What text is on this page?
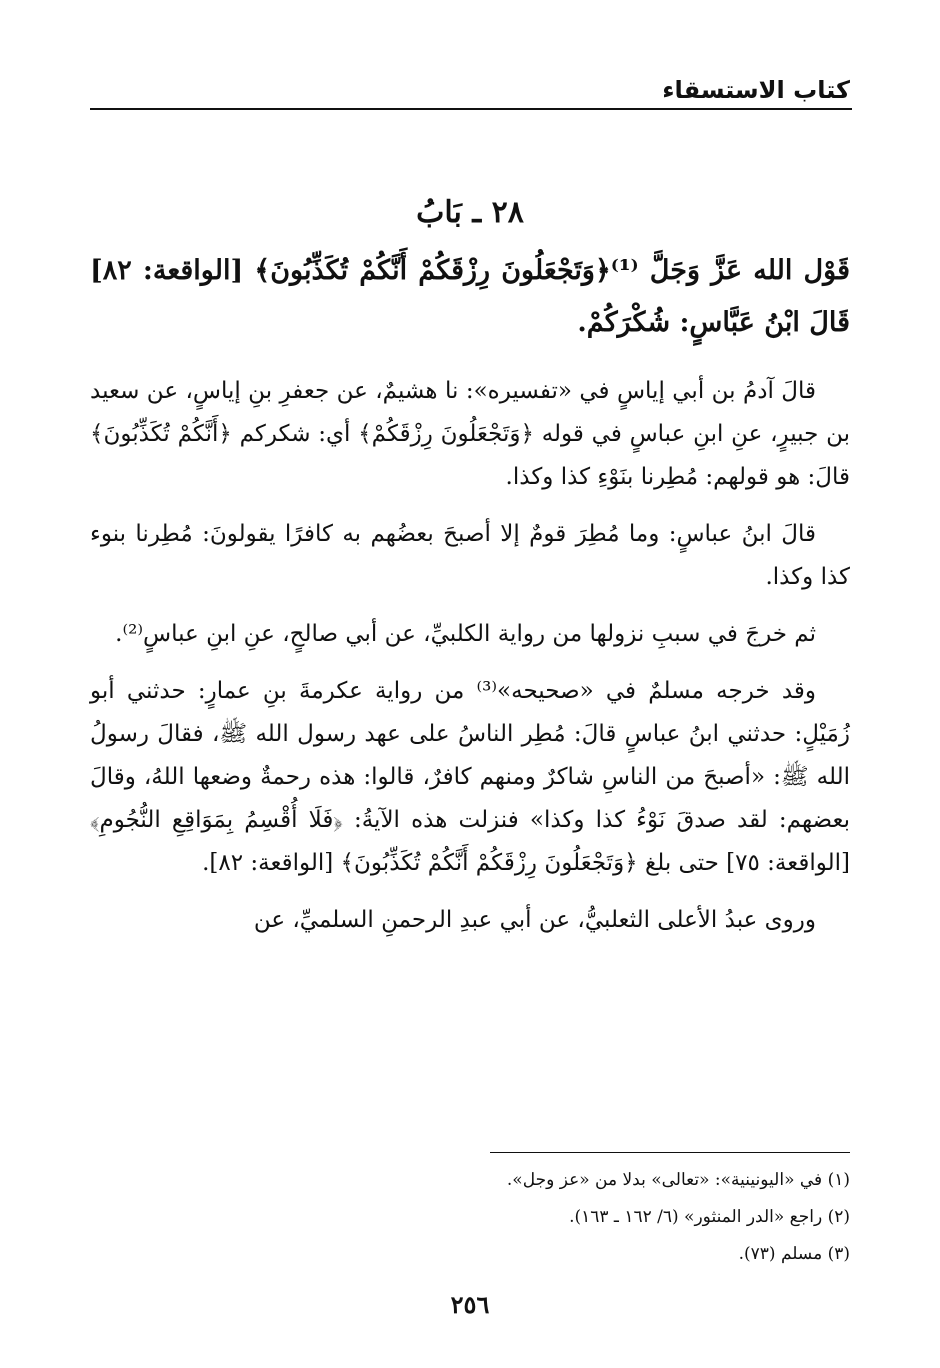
كتاب الاستسقاء
٢٨ ـ بَابُ
قَوْل الله عَزَّ وَجَلَّ ⁽¹⁾﴿وَتَجْعَلُونَ رِزْقَكُمْ أَنَّكُمْ تُكَذِّبُونَ﴾ [الواقعة: ٨٢] قَالَ ابْنُ عَبَّاسٍ: شُكْرَكُمْ.

قالَ آدمُ بن أبي إياسٍ في «تفسيره»: نا هشيمٌ، عن جعفرِ بنِ إياسٍ، عن سعيد بن جبيرٍ، عنِ ابنِ عباسٍ في قوله ﴿وَتَجْعَلُونَ رِزْقَكُمْ﴾ أي: شكركم ﴿أَنَّكُمْ تُكَذِّبُونَ﴾ قالَ: هو قولهم: مُطِرنا بنَوْءِ كذا وكذا.

قالَ ابنُ عباسٍ: وما مُطِرَ قومٌ إلا أصبحَ بعضُهم به كافرًا يقولونَ: مُطِرنا بنوء كذا وكذا.

ثم خرجَ في سببِ نزولها من رواية الكلبيِّ، عن أبي صالحٍ، عنِ ابنِ عباسٍ⁽²⁾.

وقد خرجه مسلمٌ في «صحيحه»⁽³⁾ من رواية عكرمةَ بنِ عمارٍ: حدثني أبو زُمَيْلٍ: حدثني ابنُ عباسٍ قالَ: مُطِر الناسُ على عهد رسول الله ﷺ، فقالَ رسولُ الله ﷺ: «أصبحَ من الناسِ شاكرٌ ومنهم كافرٌ، قالوا: هذه رحمةٌ وضعها اللهُ، وقالَ بعضهم: لقد صدقَ نَوْءُ كذا وكذا» فنزلت هذه الآيةُ: ﴿فَلَا أُقْسِمُ بِمَوَاقِعِ النُّجُومِ﴾ [الواقعة: ٧٥] حتى بلغ ﴿وَتَجْعَلُونَ رِزْقَكُمْ أَنَّكُمْ تُكَذِّبُونَ﴾ [الواقعة: ٨٢].

وروى عبدُ الأعلى الثعلبيُّ، عن أبي عبدِ الرحمنِ السلميِّ، عن

(١) في «اليونينية»: «تعالى» بدلا من «عز وجل».
(٢) راجع «الدر المنثور» (٦/ ١٦٢ ـ ١٦٣).
(٣) مسلم (٧٣).
٢٥٦
